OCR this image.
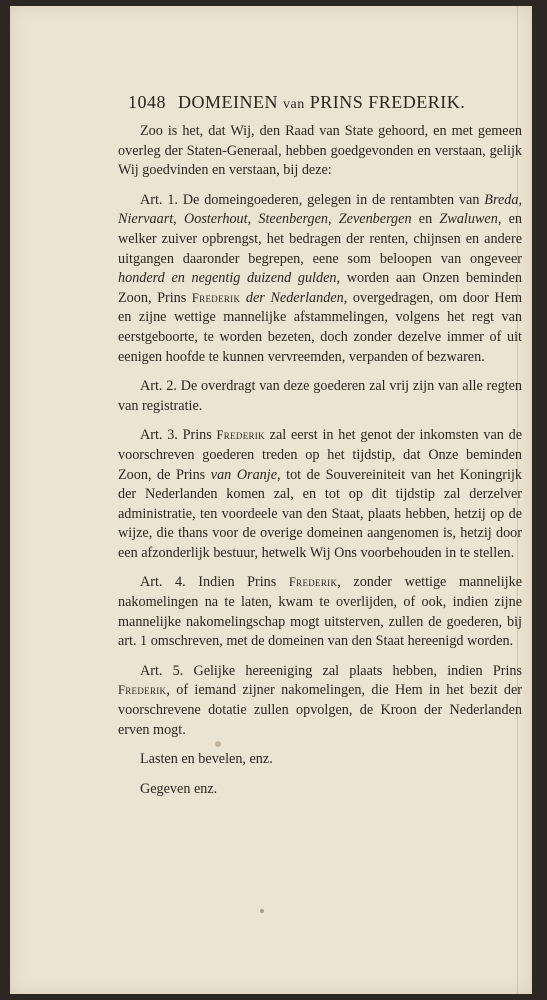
1048 DOMEINEN van PRINS FREDERIK.

Zoo is het, dat Wij, den Raad van State gehoord, en met gemeen overleg der Staten-Generaal, hebben goedgevonden en verstaan, gelijk Wij goedvinden en verstaan, bij deze:

Art. 1. De domeingoederen, gelegen in de rentambten van Breda, Niervaart, Oosterhout, Steenbergen, Zevenbergen en Zwaluwen, en welker zuiver opbrengst, het bedragen der renten, chijnsen en andere uitgangen daaronder begrepen, eene som beloopen van ongeveer honderd en negentig duizend gulden, worden aan Onzen beminden Zoon, Prins Frederik der Nederlanden, overgedragen, om door Hem en zijne wettige mannelijke afstammelingen, volgens het regt van eerstgeboorte, te worden bezeten, doch zonder dezelve immer of uit eenigen hoofde te kunnen vervreemden, verpanden of bezwaren.

Art. 2. De overdragt van deze goederen zal vrij zijn van alle regten van registratie.

Art. 3. Prins Frederik zal eerst in het genot der inkomsten van de voorschreven goederen treden op het tijdstip, dat Onze beminden Zoon, de Prins van Oranje, tot de Souvereiniteit van het Koningrijk der Nederlanden komen zal, en tot op dit tijdstip zal derzelver administratie, ten voordeele van den Staat, plaats hebben, hetzij op de wijze, die thans voor de overige domeinen aangenomen is, hetzij door een afzonderlijk bestuur, hetwelk Wij Ons voorbehouden in te stellen.

Art. 4. Indien Prins Frederik, zonder wettige mannelijke nakomelingen na te laten, kwam te overlijden, of ook, indien zijne mannelijke nakomelingschap mogt uitsterven, zullen de goederen, bij art. 1 omschreven, met de domeinen van den Staat hereenigd worden.

Art. 5. Gelijke hereeniging zal plaats hebben, indien Prins Frederik, of iemand zijner nakomelingen, die Hem in het bezit der voorschrevene dotatie zullen opvolgen, de Kroon der Nederlanden erven mogt.

Lasten en bevelen, enz.

Gegeven enz.
